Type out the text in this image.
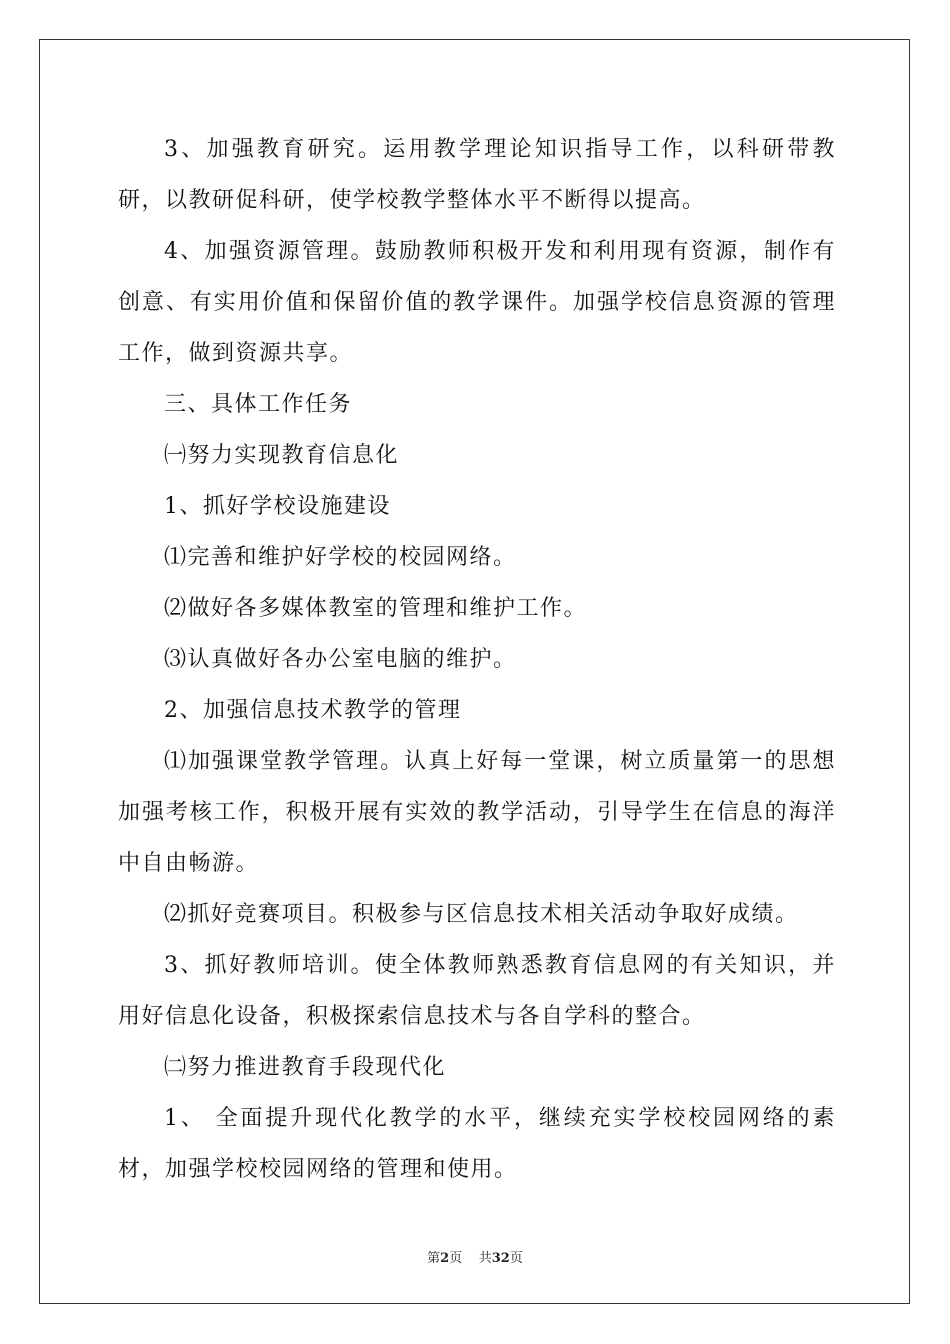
3、加强教育研究。运用教学理论知识指导工作，以科研带教研，以教研促科研，使学校教学整体水平不断得以提高。

4、加强资源管理。鼓励教师积极开发和利用现有资源，制作有创意、有实用价值和保留价值的教学课件。加强学校信息资源的管理工作，做到资源共享。

三、具体工作任务

㈠努力实现教育信息化

1、抓好学校设施建设

⑴完善和维护好学校的校园网络。

⑵做好各多媒体教室的管理和维护工作。

⑶认真做好各办公室电脑的维护。

2、加强信息技术教学的管理

⑴加强课堂教学管理。认真上好每一堂课，树立质量第一的思想加强考核工作，积极开展有实效的教学活动，引导学生在信息的海洋中自由畅游。

⑵抓好竞赛项目。积极参与区信息技术相关活动争取好成绩。

3、抓好教师培训。使全体教师熟悉教育信息网的有关知识，并用好信息化设备，积极探索信息技术与各自学科的整合。

㈡努力推进教育手段现代化

1、 全面提升现代化教学的水平，继续充实学校校园网络的素材，加强学校校园网络的管理和使用。

第2页 共32页
